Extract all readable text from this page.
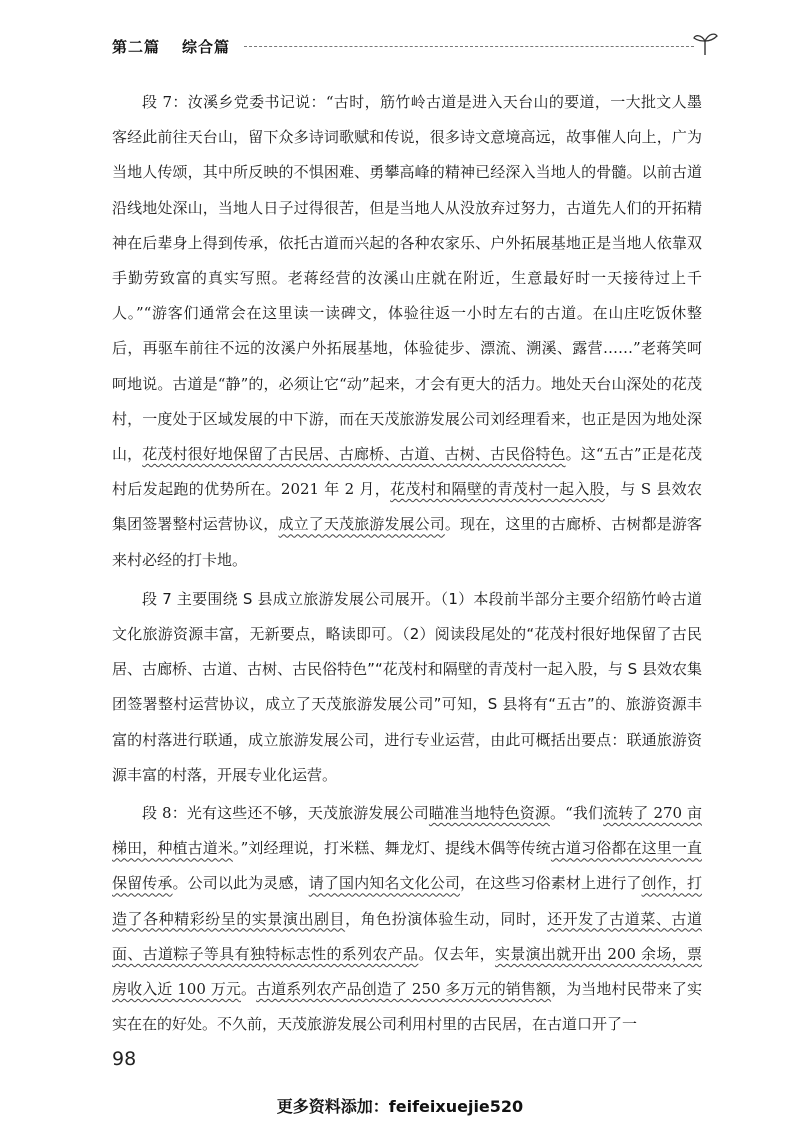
第二篇 综合篇

段 7：汝溪乡党委书记说：“古时，筋竹岭古道是进入天台山的要道，一大批文人墨客经此前往天台山，留下众多诗词歌赋和传说，很多诗文意境高远，故事催人向上，广为当地人传颂，其中所反映的不惧困难、勇攀高峰的精神已经深入当地人的骨髓。以前古道沿线地处深山，当地人日子过得很苦，但是当地人从没放弃过努力，古道先人们的开拓精神在后辈身上得到传承，依托古道而兴起的各种农家乐、户外拓展基地正是当地人依靠双手勤劳致富的真实写照。老蒋经营的汝溪山庄就在附近，生意最好时一天接待过上千人。”“游客们通常会在这里读一读碑文，体验往返一小时左右的古道。在山庄吃饭休整后，再驱车前往不远的汝溪户外拓展基地，体验徒步、漂流、溯溪、露营……”老蒋笑呵呵地说。古道是“静”的，必须让它“动”起来，才会有更大的活力。地处天台山深处的花茂村，一度处于区域发展的中下游，而在天茂旅游发展公司刘经理看来，也正是因为地处深山，花茂村很好地保留了古民居、古廊桥、古道、古树、古民俗特色。这“五古”正是花茂村后发起跑的优势所在。2021 年 2 月，花茂村和隔壁的青茂村一起入股，与 S 县效农集团签署整村运营协议，成立了天茂旅游发展公司。现在，这里的古廊桥、古树都是游客来村必经的打卡地。

段 7 主要围绕 S 县成立旅游发展公司展开。（1）本段前半部分主要介绍筋竹岭古道文化旅游资源丰富，无新要点，略读即可。（2）阅读段尾处的“花茂村很好地保留了古民居、古廊桥、古道、古树、古民俗特色”“花茂村和隔壁的青茂村一起入股，与 S 县效农集团签署整村运营协议，成立了天茂旅游发展公司”可知，S 县将有“五古”的、旅游资源丰富的村落进行联通，成立旅游发展公司，进行专业运营，由此可概括出要点：联通旅游资源丰富的村落，开展专业化运营。

段 8：光有这些还不够，天茂旅游发展公司瞄准当地特色资源。“我们流转了 270 亩梯田，种植古道米。”刘经理说，打米糕、舞龙灯、提线木偶等传统古道习俗都在这里一直保留传承。公司以此为灵感，请了国内知名文化公司，在这些习俗素材上进行了创作，打造了各种精彩纷呈的实景演出剧目，角色扮演体验生动，同时，还开发了古道菜、古道面、古道粽子等具有独特标志性的系列农产品。仅去年，实景演出就开出 200 余场，票房收入近 100 万元。古道系列农产品创造了 250 多万元的销售额，为当地村民带来了实实在在的好处。不久前，天茂旅游发展公司利用村里的古民居，在古道口开了一

98
更多资料添加：feifeixuejie520
